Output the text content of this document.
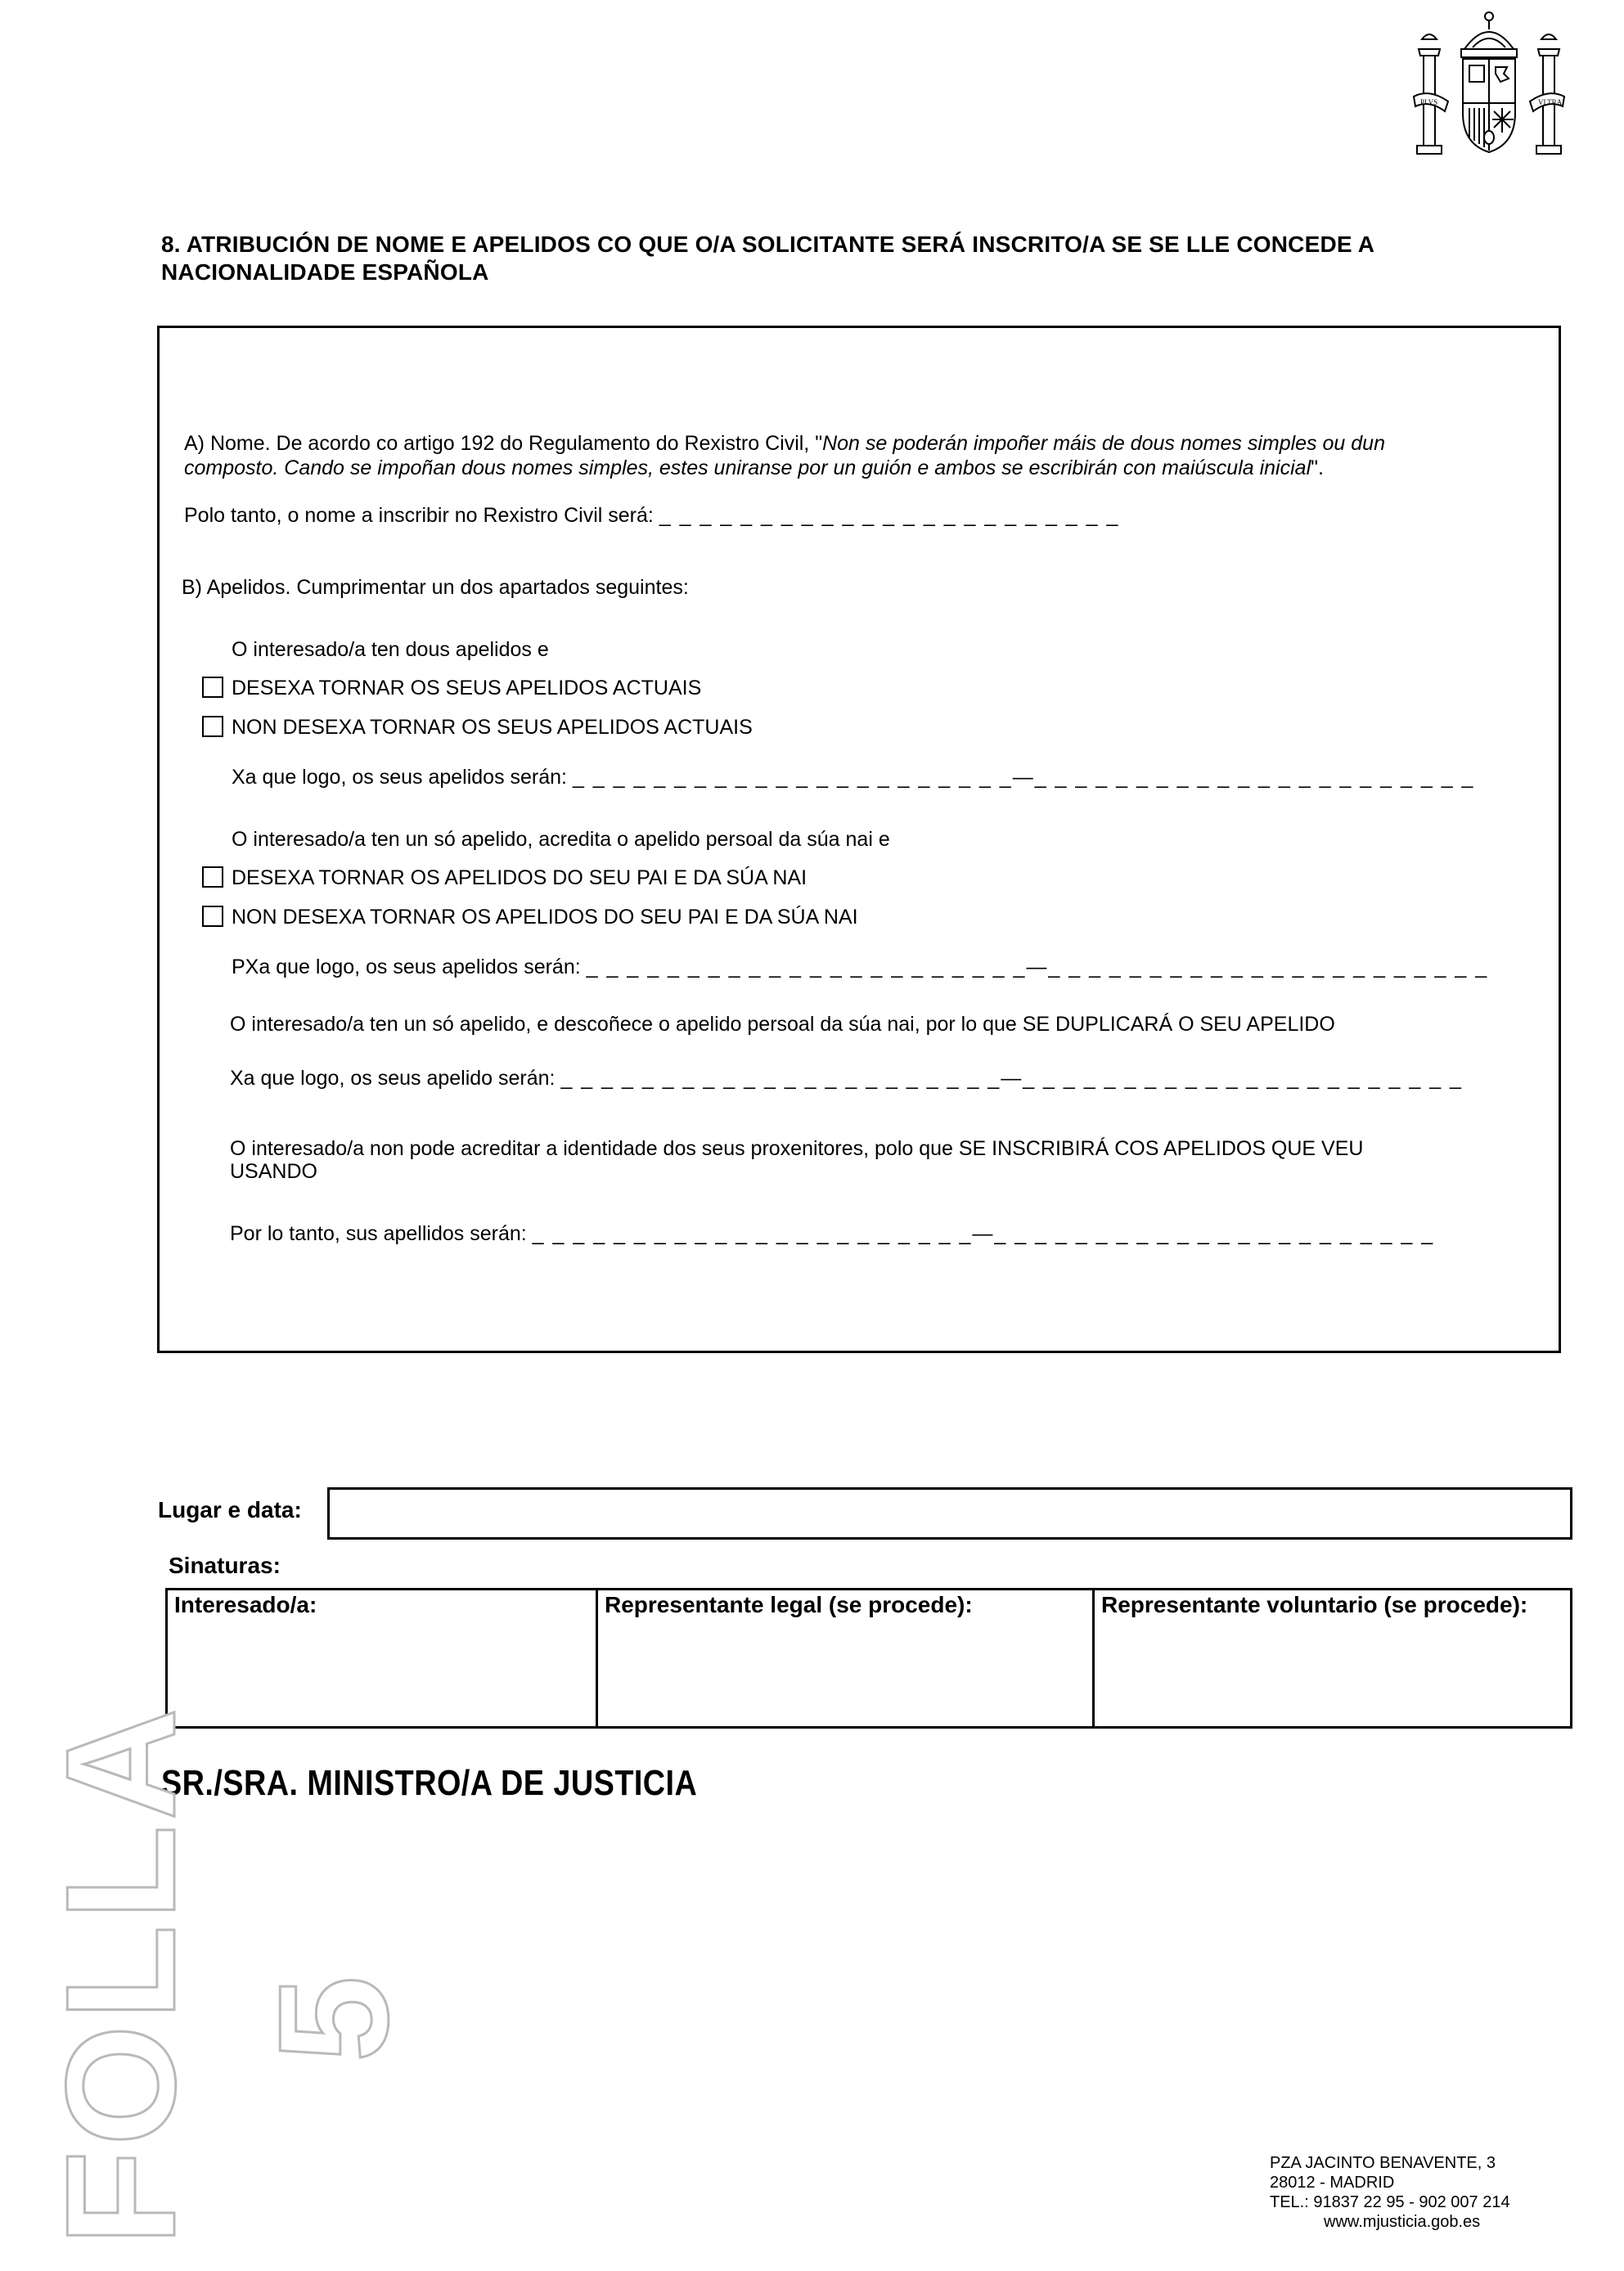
PLVS	VLTRA
8. ATRIBUCIÓN DE NOME E APELIDOS CO QUE O/A SOLICITANTE SERÁ INSCRITO/A SE SE LLE CONCEDE A
NACIONALIDADE ESPAÑOLA
A) Nome. De acordo co artigo 192 do Regulamento do Rexistro Civil, "Non se poderán impoñer máis de dous nomes simples ou dun
composto. Cando se impoñan dous nomes simples, estes uniranse por un guión e ambos se escribirán con maiúscula inicial".
Polo tanto, o nome a inscribir no Rexistro Civil será: _ _ _ _ _ _ _ _ _ _ _ _ _ _ _ _ _ _ _ _ _ _ _
B) Apelidos. Cumprimentar un dos apartados seguintes:
O interesado/a ten dous apelidos e
DESEXA TORNAR OS SEUS APELIDOS ACTUAIS
NON DESEXA TORNAR OS SEUS APELIDOS ACTUAIS
Xa que logo, os seus apelidos serán: _ _ _ _ _ _ _ _ _ _ _ _ _ _ _ _ _ _ _ _ _ _—_ _ _ _ _ _ _ _ _ _ _ _ _ _ _ _ _ _ _ _ _ _
O interesado/a ten un só apelido, acredita o apelido persoal da súa nai e
DESEXA TORNAR OS APELIDOS DO SEU PAI E DA SÚA NAI
NON DESEXA TORNAR OS APELIDOS DO SEU PAI E DA SÚA NAI
PXa que logo, os seus apelidos serán: _ _ _ _ _ _ _ _ _ _ _ _ _ _ _ _ _ _ _ _ _ _—_ _ _ _ _ _ _ _ _ _ _ _ _ _ _ _ _ _ _ _ _ _
O interesado/a ten un só apelido, e descoñece o apelido persoal da súa nai, por lo que SE DUPLICARÁ O SEU APELIDO
Xa que logo, os seus apelido serán: _ _ _ _ _ _ _ _ _ _ _ _ _ _ _ _ _ _ _ _ _ _—_ _ _ _ _ _ _ _ _ _ _ _ _ _ _ _ _ _ _ _ _ _
O interesado/a non pode acreditar a identidade dos seus proxenitores, polo que SE INSCRIBIRÁ COS APELIDOS QUE VEU
USANDO
Por lo tanto, sus apellidos serán: _ _ _ _ _ _ _ _ _ _ _ _ _ _ _ _ _ _ _ _ _ _—_ _ _ _ _ _ _ _ _ _ _ _ _ _ _ _ _ _ _ _ _ _
Lugar e data:
Sinaturas:
Interesado/a:	Representante legal (se procede):	Representante voluntario (se procede):
SR./SRA. MINISTRO/A DE JUSTICIA
FOLLA 5
PZA JACINTO BENAVENTE, 3
28012 - MADRID
TEL.: 91837 22 95 - 902 007 214
www.mjusticia.gob.es
